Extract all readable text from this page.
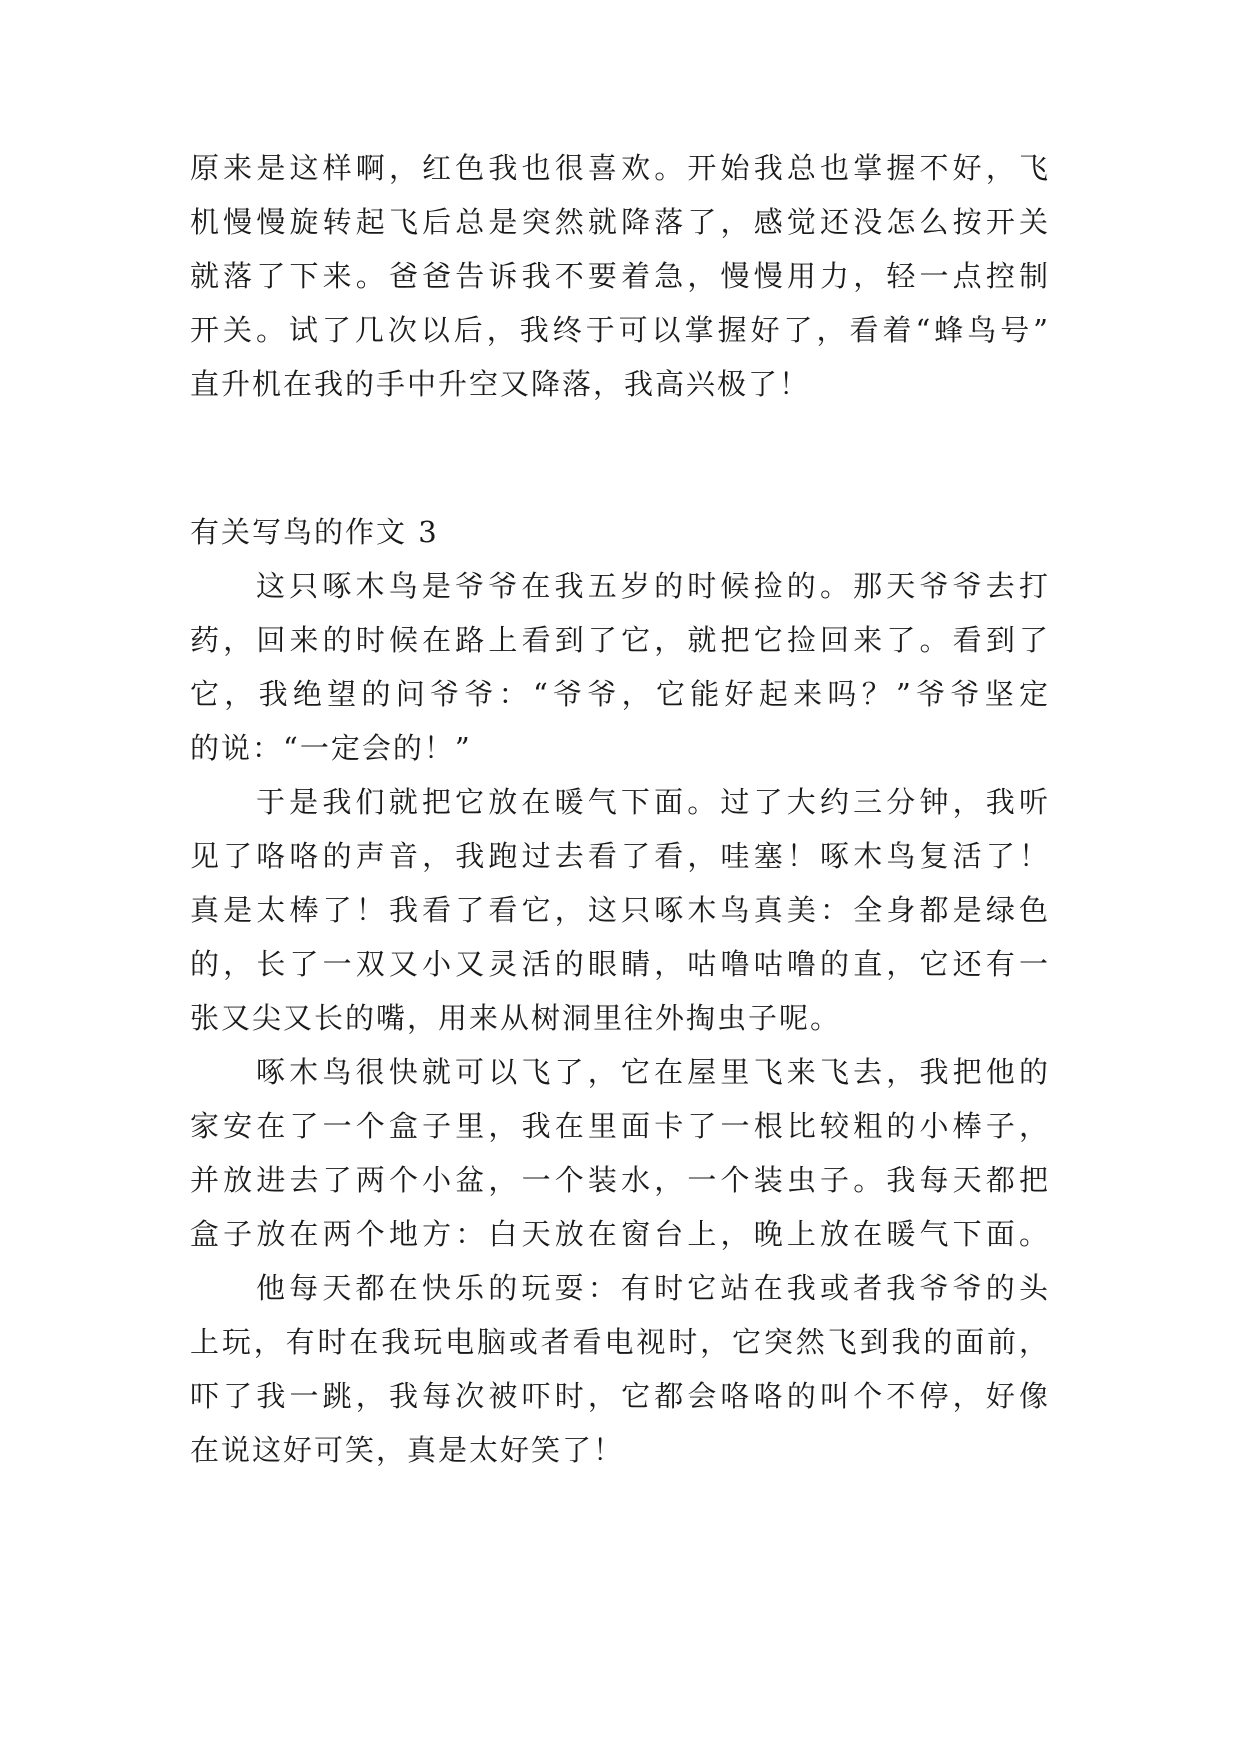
原来是这样啊，红色我也很喜欢。开始我总也掌握不好，飞
机慢慢旋转起飞后总是突然就降落了，感觉还没怎么按开关
就落了下来。爸爸告诉我不要着急，慢慢用力，轻一点控制
开关。试了几次以后，我终于可以掌握好了，看着“蜂鸟号”
直升机在我的手中升空又降落，我高兴极了！
有关写鸟的作文 3
这只啄木鸟是爷爷在我五岁的时候捡的。那天爷爷去打
药，回来的时候在路上看到了它，就把它捡回来了。看到了
它，我绝望的问爷爷：“爷爷，它能好起来吗？”爷爷坚定
的说：“一定会的！”
于是我们就把它放在暖气下面。过了大约三分钟，我听
见了咯咯的声音，我跑过去看了看，哇塞！啄木鸟复活了！
真是太棒了！我看了看它，这只啄木鸟真美：全身都是绿色
的，长了一双又小又灵活的眼睛，咕噜咕噜的直，它还有一
张又尖又长的嘴，用来从树洞里往外掏虫子呢。
啄木鸟很快就可以飞了，它在屋里飞来飞去，我把他的
家安在了一个盒子里，我在里面卡了一根比较粗的小棒子，
并放进去了两个小盆，一个装水，一个装虫子。我每天都把
盒子放在两个地方：白天放在窗台上，晚上放在暖气下面。
他每天都在快乐的玩耍：有时它站在我或者我爷爷的头
上玩，有时在我玩电脑或者看电视时，它突然飞到我的面前，
吓了我一跳，我每次被吓时，它都会咯咯的叫个不停，好像
在说这好可笑，真是太好笑了！
